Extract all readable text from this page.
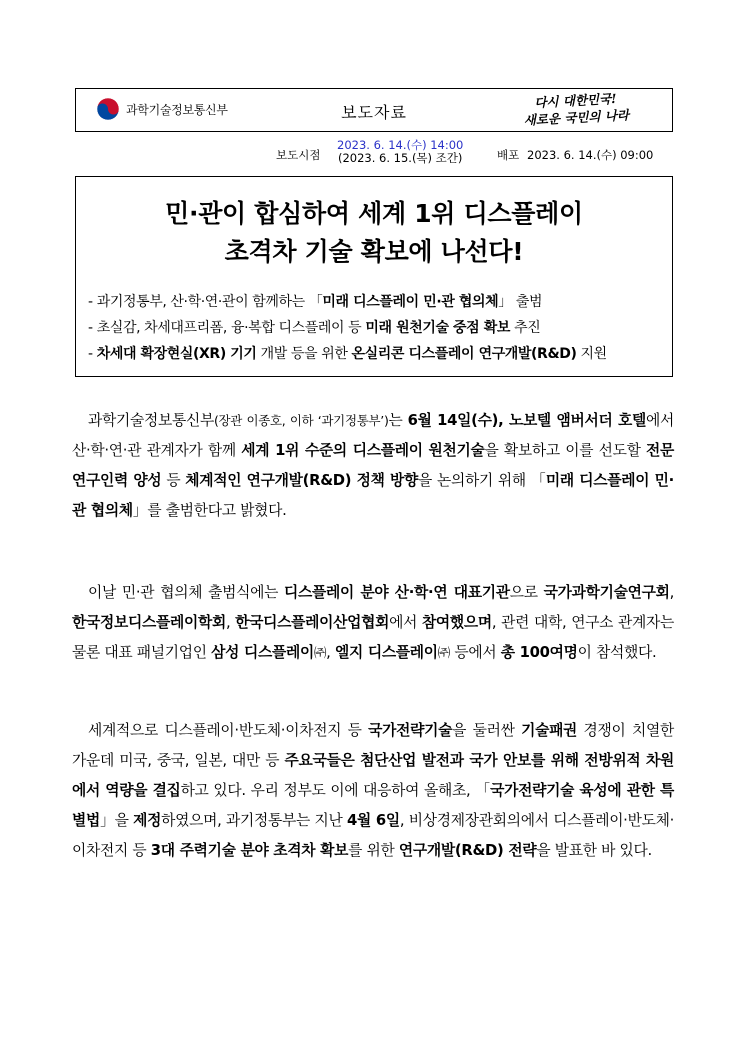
과학기술정보통신부	보도자료
다시 대한민국!
새로운 국민의 나라
보도시점
2023. 6. 14.(수) 14:00
(2023. 6. 15.(목) 조간)	배포 2023. 6. 14.(수) 09:00
민·관이 합심하여 세계 1위 디스플레이
초격차 기술 확보에 나선다!
- 과기정통부, 산·학·연·관이 함께하는 「미래 디스플레이 민·관 협의체」 출범
- 초실감, 차세대프리폼, 융·복합 디스플레이 등 미래 원천기술 중점 확보 추진
- 차세대 확장현실(XR) 기기 개발 등을 위한 온실리콘 디스플레이 연구개발(R&D) 지원
과학기술정보통신부(장관 이종호, 이하 ‘과기정통부’)는 6월 14일(수), 노보텔 앰버서더 호텔에서 산·학·연·관 관계자가 함께 세계 1위 수준의 디스플레이 원천기술을 확보하고 이를 선도할 전문연구인력 양성 등 체계적인 연구개발(R&D) 정책 방향을 논의하기 위해 「미래 디스플레이 민·관 협의체」를 출범한다고 밝혔다.
이날 민·관 협의체 출범식에는 디스플레이 분야 산·학·연 대표기관으로 국가과학기술연구회, 한국정보디스플레이학회, 한국디스플레이산업협회에서 참여했으며, 관련 대학, 연구소 관계자는 물론 대표 패널기업인 삼성 디스플레이㈜, 엘지 디스플레이㈜ 등에서 총 100여명이 참석했다.
세계적으로 디스플레이·반도체·이차전지 등 국가전략기술을 둘러싼 기술패권 경쟁이 치열한 가운데 미국, 중국, 일본, 대만 등 주요국들은 첨단산업 발전과 국가 안보를 위해 전방위적 차원에서 역량을 결집하고 있다. 우리 정부도 이에 대응하여 올해초, 「국가전략기술 육성에 관한 특별법」을 제정하였으며, 과기정통부는 지난 4월 6일, 비상경제장관회의에서 디스플레이·반도체·이차전지 등 3대 주력기술 분야 초격차 확보를 위한 연구개발(R&D) 전략을 발표한 바 있다.
